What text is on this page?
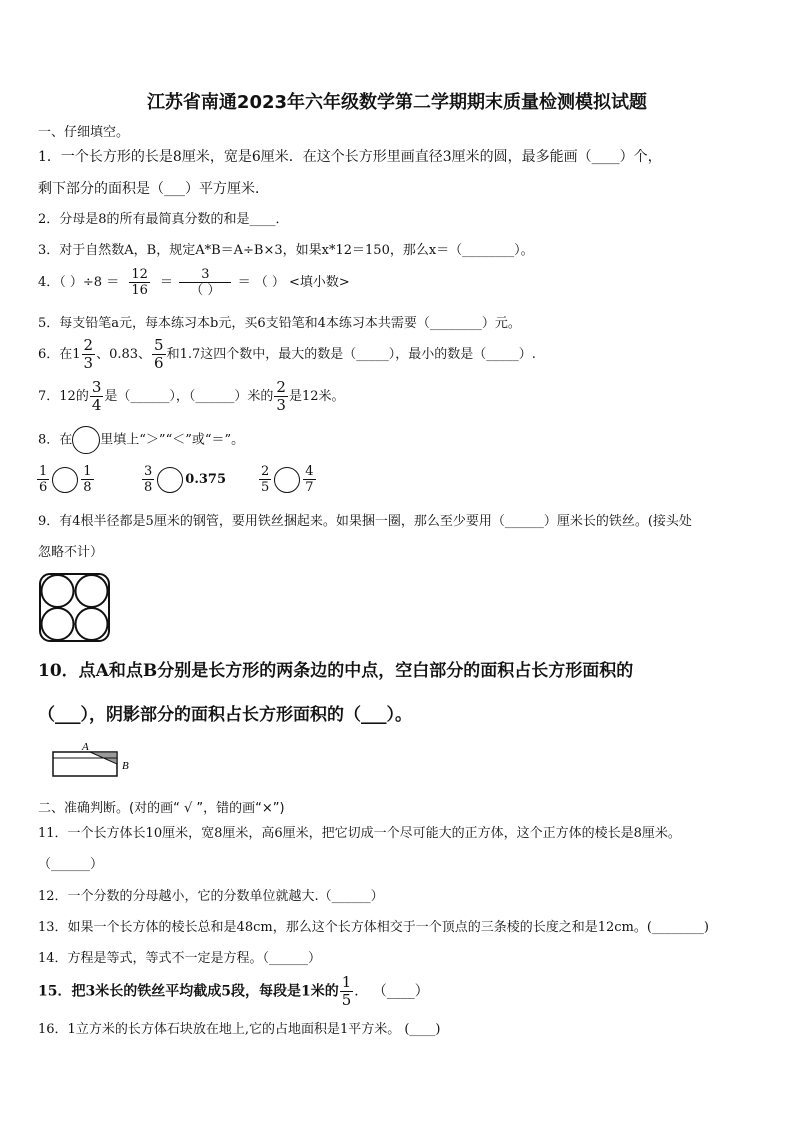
江苏省南通2023年六年级数学第二学期期末质量检测模拟试题
一、仔细填空。
1．一个长方形的长是8厘米，宽是6厘米．在这个长方形里画直径3厘米的圆，最多能画（____）个，
剩下部分的面积是（___）平方厘米．
2．分母是8的所有最简真分数的和是____．
3．对于自然数A，B，规定A*B＝A÷B×3，如果x*12＝150，那么x＝（________）。
4．（ ）$\div 8 = \frac{12}{16} = \frac{3}{( )}$ ＝ （ ） <填小数>
5．每支铅笔a元，每本练习本b元，买6支铅笔和4本练习本共需要（________）元。
6．在$1 \frac{2}{3}$ 、0.83、 $\frac{5}{6}$ 和1.7这四个数中，最大的数是（_____），最小的数是（_____）.
7．12的 $\frac{3}{4}$ 是（______），（______）米的 $\frac{2}{3}$ 是12米。
8．在 里填上“＞”“＜”或“＝”。
$\frac{1}{6} \frac{1}{8}$	$\frac{3}{8} 0.375$	$\frac{2}{5} \frac{4}{7}$
9．有4根半径都是5厘米的钢管，要用铁丝捆起来。如果捆一圈，那么至少要用（______）厘米长的铁丝。(接头处
忽略不计）
10．点A和点B分别是长方形的两条边的中点，空白部分的面积占长方形面积的
（___），阴影部分的面积占长方形面积的（___）。
A
B
二、准确判断。(对的画“ √ ”，错的画“×”)
11．一个长方体长10厘米，宽8厘米，高6厘米，把它切成一个尽可能大的正方体，这个正方体的棱长是8厘米。
（______）
12．一个分数的分母越小，它的分数单位就越大.（______）
13．如果一个长方体的棱长总和是48cm，那么这个长方体相交于一个顶点的三条棱的长度之和是12cm。(________)
14．方程是等式，等式不一定是方程。（______）
15．把3米长的铁丝平均截成5段，每段是1米的 $\frac{1}{5}$ ． （____）
16．1立方米的长方体石块放在地上,它的占地面积是1平方米。 (____)
